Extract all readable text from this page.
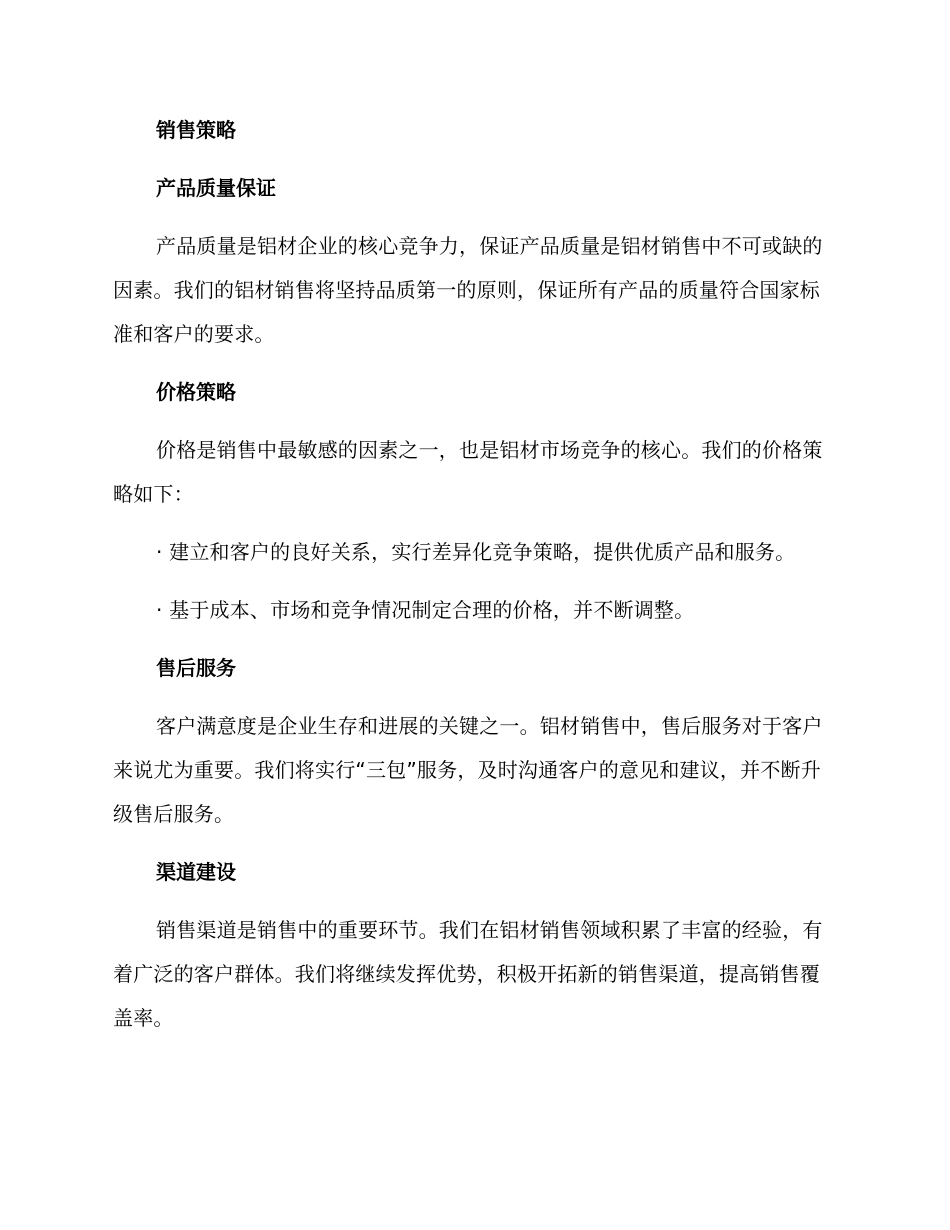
销售策略
产品质量保证

产品质量是铝材企业的核心竞争力，保证产品质量是铝材销售中不可或缺的因素。我们的铝材销售将坚持品质第一的原则，保证所有产品的质量符合国家标准和客户的要求。

价格策略

价格是销售中最敏感的因素之一，也是铝材市场竞争的核心。我们的价格策略如下：

· 建立和客户的良好关系，实行差异化竞争策略，提供优质产品和服务。

· 基于成本、市场和竞争情况制定合理的价格，并不断调整。

售后服务

客户满意度是企业生存和进展的关键之一。铝材销售中，售后服务对于客户来说尤为重要。我们将实行“三包”服务，及时沟通客户的意见和建议，并不断升级售后服务。

渠道建设

销售渠道是销售中的重要环节。我们在铝材销售领域积累了丰富的经验，有着广泛的客户群体。我们将继续发挥优势，积极开拓新的销售渠道，提高销售覆盖率。
